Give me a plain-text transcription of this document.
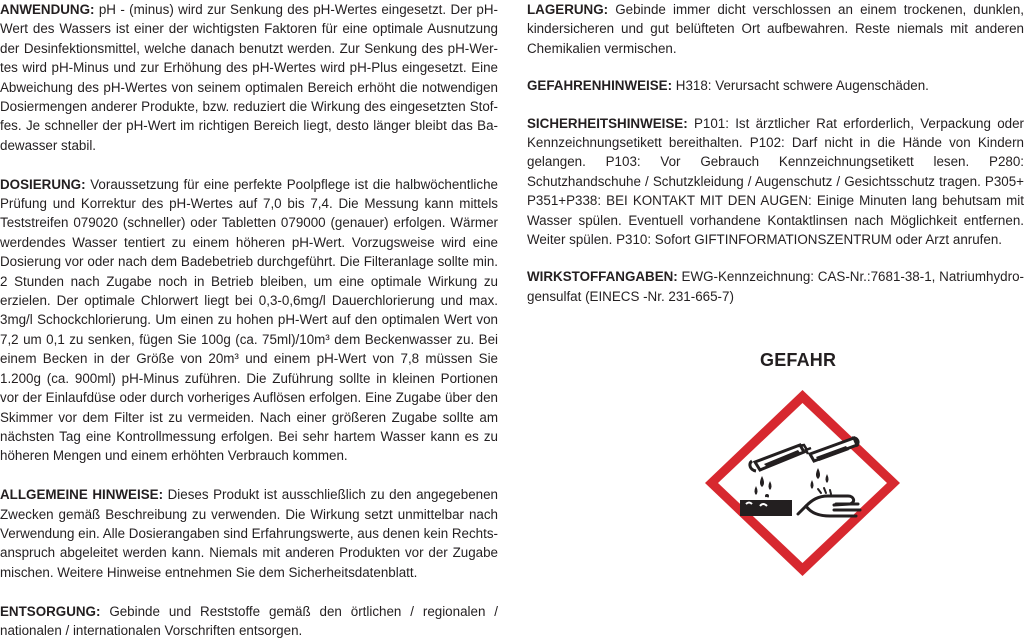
ANWENDUNG: pH - (minus) wird zur Senkung des pH-Wertes eingesetzt. Der pH-Wert des Wassers ist einer der wichtigsten Faktoren für eine optimale Ausnutzung der Desinfektionsmittel, welche danach benutzt werden. Zur Senkung des pH-Wertes wird pH-Minus und zur Erhöhung des pH-Wertes wird pH-Plus eingesetzt. Eine Abweichung des pH-Wertes von seinem optimalen Bereich erhöht die notwendigen Dosiermengen anderer Produkte, bzw. reduziert die Wirkung des eingesetzten Stoffes. Je schneller der pH-Wert im richtigen Bereich liegt, desto länger bleibt das Badewasser stabil.

DOSIERUNG: Voraussetzung für eine perfekte Poolpflege ist die halbwöchentliche Prüfung und Korrektur des pH-Wertes auf 7,0 bis 7,4. Die Messung kann mittels Teststreifen 079020 (schneller) oder Tabletten 079000 (genauer) erfolgen. Wärmer werdendes Wasser tentiert zu einem höheren pH-Wert. Vorzugsweise wird eine Dosierung vor oder nach dem Badebetrieb durchgeführt. Die Filteranlage sollte min. 2 Stunden nach Zugabe noch in Betrieb bleiben, um eine optimale Wirkung zu erzielen. Der optimale Chlorwert liegt bei 0,3-0,6mg/l Dauerchlorierung und max. 3mg/l Schockchlorierung. Um einen zu hohen pH-Wert auf den optimalen Wert von 7,2 um 0,1 zu senken, fügen Sie 100g (ca. 75ml)/10m³ dem Beckenwasser zu. Bei einem Becken in der Größe von 20m³ und einem pH-Wert von 7,8 müssen Sie 1.200g (ca. 900ml) pH-Minus zuführen. Die Zuführung sollte in kleinen Portionen vor der Einlaufdüse oder durch vorheriges Auflösen erfolgen. Eine Zugabe über den Skimmer vor dem Filter ist zu vermeiden. Nach einer größeren Zugabe sollte am nächsten Tag eine Kontrollmessung erfolgen. Bei sehr hartem Wasser kann es zu höheren Mengen und einem erhöhten Verbrauch kommen.

ALLGEMEINE HINWEISE: Dieses Produkt ist ausschließlich zu den angegebenen Zwecken gemäß Beschreibung zu verwenden. Die Wirkung setzt unmittelbar nach Verwendung ein. Alle Dosierangaben sind Erfahrungswerte, aus denen kein Rechtsanspruch abgeleitet werden kann. Niemals mit anderen Produkten vor der Zugabe mischen. Weitere Hinweise entnehmen Sie dem Sicherheitsdatenblatt.

ENTSORGUNG: Gebinde und Reststoffe gemäß den örtlichen / regionalen / nationalen / internationalen Vorschriften entsorgen.

LAGERUNG: Gebinde immer dicht verschlossen an einem trockenen, dunklen, kindersicheren und gut belüfteten Ort aufbewahren. Reste niemals mit anderen Chemikalien vermischen.

GEFAHRENHINWEISE: H318: Verursacht schwere Augenschäden.

SICHERHEITSHINWEISE: P101: Ist ärztlicher Rat erforderlich, Verpackung oder Kennzeichnungsetikett bereithalten. P102: Darf nicht in die Hände von Kindern gelangen. P103: Vor Gebrauch Kennzeichnungsetikett lesen. P280: Schutzhandschuhe / Schutzkleidung / Augenschutz / Gesichtsschutz tragen. P305+ P351+P338: BEI KONTAKT MIT DEN AUGEN: Einige Minuten lang behutsam mit Wasser spülen. Eventuell vorhandene Kontaktlinsen nach Möglichkeit entfernen. Weiter spülen. P310: Sofort GIFTINFORMATIONSZENTRUM oder Arzt anrufen.

WIRKSTOFFANGABEN: EWG-Kennzeichnung: CAS-Nr.:7681-38-1, Natriumhydrogensulfat (EINECS -Nr. 231-665-7)

GEFAHR
